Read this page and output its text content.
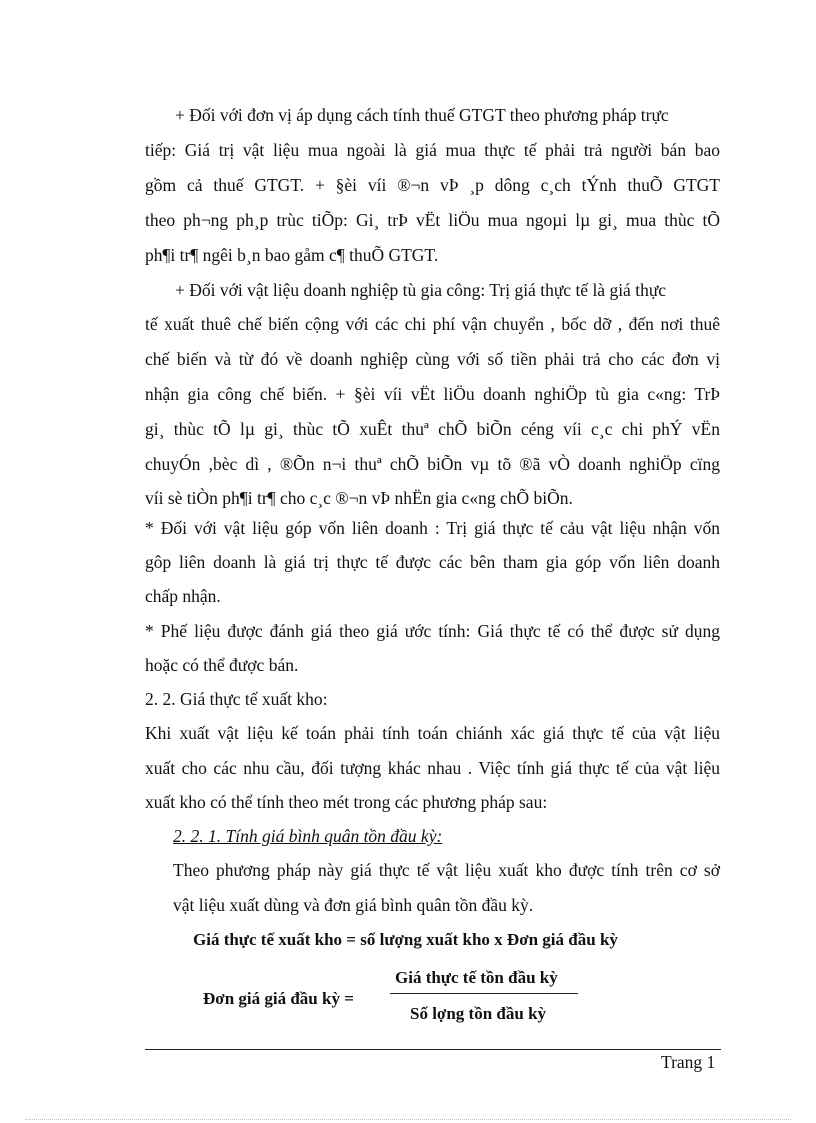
+ Đối với đơn vị áp dụng cách tính thuế GTGT theo phương pháp trực
tiếp: Giá trị vật liệu mua ngoài là giá mua thực tế phải trả người bán bao
gồm cả thuế GTGT. + §èi víi ®¬n vÞ ¸p dông c¸ch tÝnh thuÕ GTGT
theo ph¬ng ph¸p trùc tiÕp: Gi¸ trÞ vËt liÖu mua ngoµi lµ gi¸ mua thùc tÕ
ph¶i tr¶ ngêi b¸n bao gåm c¶ thuÕ GTGT.
+ Đối với vật liệu doanh nghiệp tù gia công: Trị giá thực tế là giá thực
tế xuất thuê chế biến cộng với các chi phí vận chuyển , bốc dỡ , đến nơi thuê
chế biến và từ đó về doanh nghiệp cùng với số tiền phải trả cho các đơn vị
nhận gia công chế biến. + §èi víi vËt liÖu doanh nghiÖp tù gia c«ng: TrÞ
gi¸ thùc tÕ lµ gi¸ thùc tÕ xuÊt thuª chÕ biÕn céng víi c¸c chi phÝ vËn
chuyÓn ,bèc dì , ®Õn n¬i thuª chÕ biÕn vµ tõ ®ã vÒ doanh nghiÖp cïng
víi sè tiÒn ph¶i tr¶ cho c¸c ®¬n vÞ nhËn gia c«ng chÕ biÕn.
* Đối với vật liệu góp vốn liên doanh : Trị giá thực tế cảu vật liệu nhận vốn
gôp liên doanh là giá trị thực tế được các bên tham gia góp vốn liên doanh
chấp nhận.
* Phế liệu được đánh giá theo giá ước tính: Giá thực tế có thể được sử dụng
hoặc có thể được bán.
2. 2. Giá thực tế xuất kho:
Khi xuất vật liệu kế toán phải tính toán chiánh xác giá thực tế của vật liệu
xuất cho các nhu cầu, đối tượng khác nhau . Việc tính giá thực tế của vật liệu
xuất kho có thể tính theo mét trong các phương pháp sau:
2. 2. 1. Tính giá bình quân tồn đầu kỳ:
Theo phương pháp này giá thực tế vật liệu xuất kho được tính trên cơ sở
vật liệu xuất dùng và đơn giá bình quân tồn đầu kỳ.
Giá thực tế xuất kho = số lượng xuất kho x Đơn giá đầu kỳ
Đơn giá giá đầu kỳ =
Giá thực tế tồn đầu kỳ
Số lợng tồn đầu kỳ
Trang 1
